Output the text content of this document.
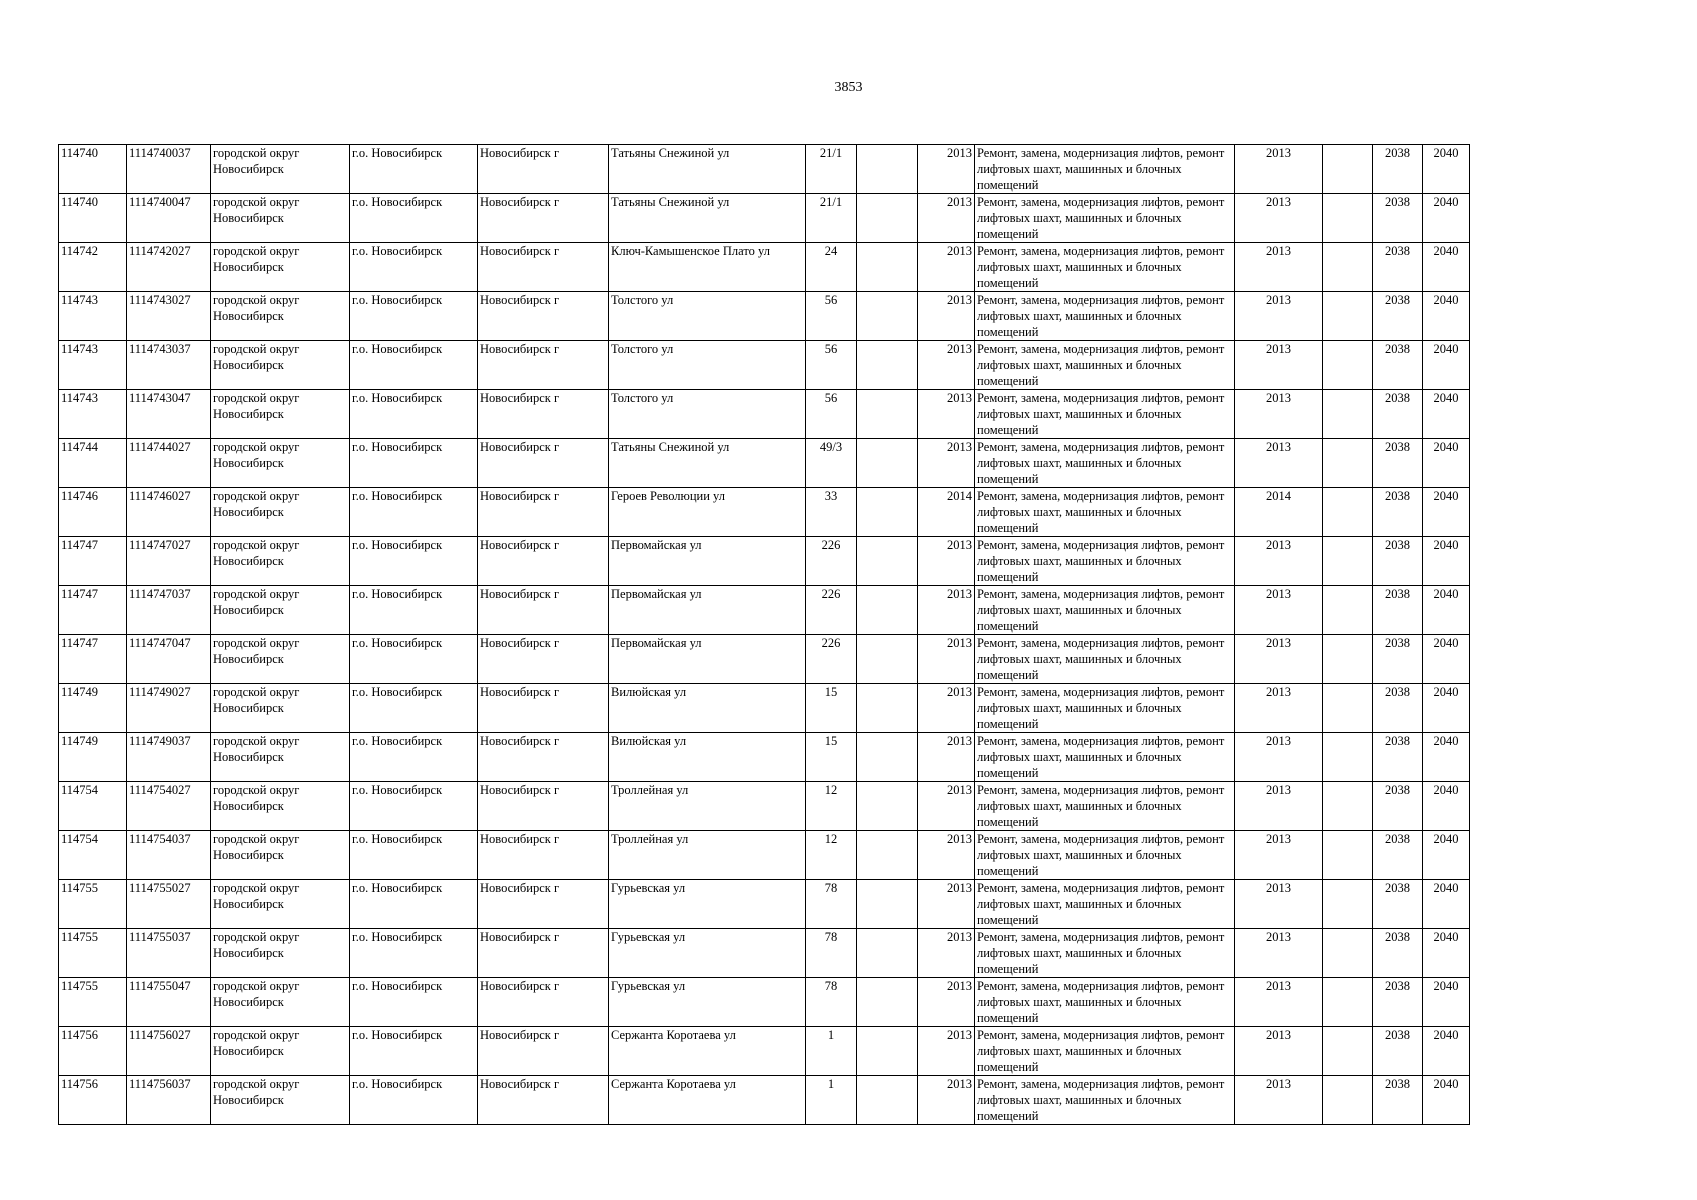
3853
114740	1114740037	городской округ Новосибирск	г.о. Новосибирск	Новосибирск г	Татьяны Снежиной ул	21/1		2013	Ремонт, замена, модернизация лифтов, ремонт лифтовых шахт, машинных и блочных помещений	2013		2038	2040
114740	1114740047	городской округ Новосибирск	г.о. Новосибирск	Новосибирск г	Татьяны Снежиной ул	21/1		2013	Ремонт, замена, модернизация лифтов, ремонт лифтовых шахт, машинных и блочных помещений	2013		2038	2040
114742	1114742027	городской округ Новосибирск	г.о. Новосибирск	Новосибирск г	Ключ-Камышенское Плато ул	24		2013	Ремонт, замена, модернизация лифтов, ремонт лифтовых шахт, машинных и блочных помещений	2013		2038	2040
114743	1114743027	городской округ Новосибирск	г.о. Новосибирск	Новосибирск г	Толстого ул	56		2013	Ремонт, замена, модернизация лифтов, ремонт лифтовых шахт, машинных и блочных помещений	2013		2038	2040
114743	1114743037	городской округ Новосибирск	г.о. Новосибирск	Новосибирск г	Толстого ул	56		2013	Ремонт, замена, модернизация лифтов, ремонт лифтовых шахт, машинных и блочных помещений	2013		2038	2040
114743	1114743047	городской округ Новосибирск	г.о. Новосибирск	Новосибирск г	Толстого ул	56		2013	Ремонт, замена, модернизация лифтов, ремонт лифтовых шахт, машинных и блочных помещений	2013		2038	2040
114744	1114744027	городской округ Новосибирск	г.о. Новосибирск	Новосибирск г	Татьяны Снежиной ул	49/3		2013	Ремонт, замена, модернизация лифтов, ремонт лифтовых шахт, машинных и блочных помещений	2013		2038	2040
114746	1114746027	городской округ Новосибирск	г.о. Новосибирск	Новосибирск г	Героев Революции ул	33		2014	Ремонт, замена, модернизация лифтов, ремонт лифтовых шахт, машинных и блочных помещений	2014		2038	2040
114747	1114747027	городской округ Новосибирск	г.о. Новосибирск	Новосибирск г	Первомайская ул	226		2013	Ремонт, замена, модернизация лифтов, ремонт лифтовых шахт, машинных и блочных помещений	2013		2038	2040
114747	1114747037	городской округ Новосибирск	г.о. Новосибирск	Новосибирск г	Первомайская ул	226		2013	Ремонт, замена, модернизация лифтов, ремонт лифтовых шахт, машинных и блочных помещений	2013		2038	2040
114747	1114747047	городской округ Новосибирск	г.о. Новосибирск	Новосибирск г	Первомайская ул	226		2013	Ремонт, замена, модернизация лифтов, ремонт лифтовых шахт, машинных и блочных помещений	2013		2038	2040
114749	1114749027	городской округ Новосибирск	г.о. Новосибирск	Новосибирск г	Вилюйская ул	15		2013	Ремонт, замена, модернизация лифтов, ремонт лифтовых шахт, машинных и блочных помещений	2013		2038	2040
114749	1114749037	городской округ Новосибирск	г.о. Новосибирск	Новосибирск г	Вилюйская ул	15		2013	Ремонт, замена, модернизация лифтов, ремонт лифтовых шахт, машинных и блочных помещений	2013		2038	2040
114754	1114754027	городской округ Новосибирск	г.о. Новосибирск	Новосибирск г	Троллейная ул	12		2013	Ремонт, замена, модернизация лифтов, ремонт лифтовых шахт, машинных и блочных помещений	2013		2038	2040
114754	1114754037	городской округ Новосибирск	г.о. Новосибирск	Новосибирск г	Троллейная ул	12		2013	Ремонт, замена, модернизация лифтов, ремонт лифтовых шахт, машинных и блочных помещений	2013		2038	2040
114755	1114755027	городской округ Новосибирск	г.о. Новосибирск	Новосибирск г	Гурьевская ул	78		2013	Ремонт, замена, модернизация лифтов, ремонт лифтовых шахт, машинных и блочных помещений	2013		2038	2040
114755	1114755037	городской округ Новосибирск	г.о. Новосибирск	Новосибирск г	Гурьевская ул	78		2013	Ремонт, замена, модернизация лифтов, ремонт лифтовых шахт, машинных и блочных помещений	2013		2038	2040
114755	1114755047	городской округ Новосибирск	г.о. Новосибирск	Новосибирск г	Гурьевская ул	78		2013	Ремонт, замена, модернизация лифтов, ремонт лифтовых шахт, машинных и блочных помещений	2013		2038	2040
114756	1114756027	городской округ Новосибирск	г.о. Новосибирск	Новосибирск г	Сержанта Коротаева ул	1		2013	Ремонт, замена, модернизация лифтов, ремонт лифтовых шахт, машинных и блочных помещений	2013		2038	2040
114756	1114756037	городской округ Новосибирск	г.о. Новосибирск	Новосибирск г	Сержанта Коротаева ул	1		2013	Ремонт, замена, модернизация лифтов, ремонт лифтовых шахт, машинных и блочных помещений	2013		2038	2040
